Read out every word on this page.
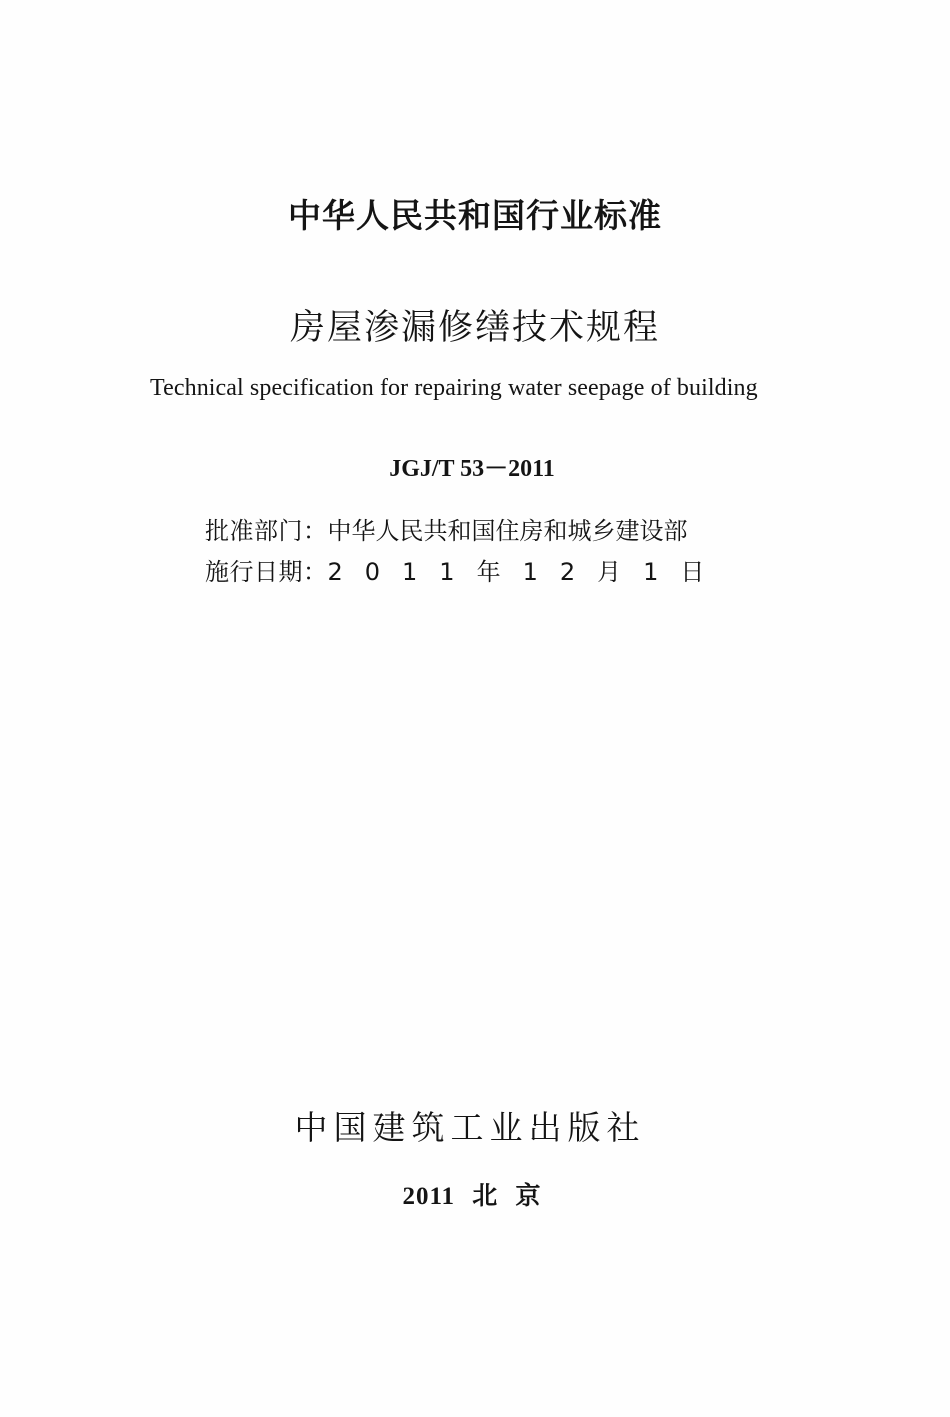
中华人民共和国行业标准
房屋渗漏修缮技术规程
Technical specification for repairing water seepage of building
JGJ/T 53－2011
批准部门：中华人民共和国住房和城乡建设部
施行日期：2011年12月1日
中国建筑工业出版社
2011 北 京
